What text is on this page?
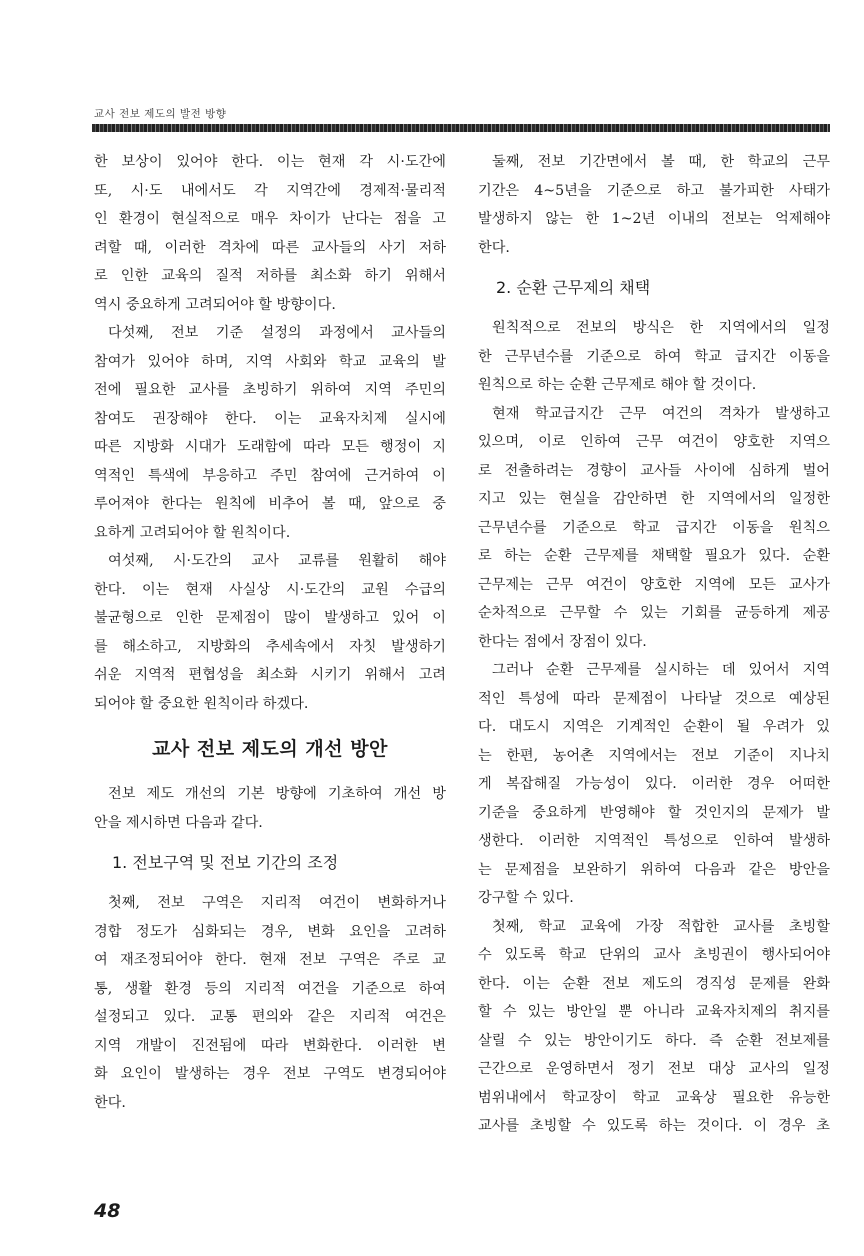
교사 전보 제도의 발전 방향
한 보상이 있어야 한다. 이는 현재 각 시·도간에
또, 시·도 내에서도 각 지역간에 경제적·물리적
인 환경이 현실적으로 매우 차이가 난다는 점을 고
려할 때, 이러한 격차에 따른 교사들의 사기 저하
로 인한 교육의 질적 저하를 최소화 하기 위해서
역시 중요하게 고려되어야 할 방향이다.
다섯째, 전보 기준 설정의 과정에서 교사들의
참여가 있어야 하며, 지역 사회와 학교 교육의 발
전에 필요한 교사를 초빙하기 위하여 지역 주민의
참여도 권장해야 한다. 이는 교육자치제 실시에
따른 지방화 시대가 도래함에 따라 모든 행정이 지
역적인 특색에 부응하고 주민 참여에 근거하여 이
루어져야 한다는 원칙에 비추어 볼 때, 앞으로 중
요하게 고려되어야 할 원칙이다.
여섯째, 시·도간의 교사 교류를 원활히 해야
한다. 이는 현재 사실상 시·도간의 교원 수급의
불균형으로 인한 문제점이 많이 발생하고 있어 이
를 해소하고, 지방화의 추세속에서 자칫 발생하기
쉬운 지역적 편협성을 최소화 시키기 위해서 고려
되어야 할 중요한 원칙이라 하겠다.
교사 전보 제도의 개선 방안
전보 제도 개선의 기본 방향에 기초하여 개선 방
안을 제시하면 다음과 같다.
1. 전보구역 및 전보 기간의 조정
첫째, 전보 구역은 지리적 여건이 변화하거나
경합 정도가 심화되는 경우, 변화 요인을 고려하
여 재조정되어야 한다. 현재 전보 구역은 주로 교
통, 생활 환경 등의 지리적 여건을 기준으로 하여
설정되고 있다. 교통 편의와 같은 지리적 여건은
지역 개발이 진전됨에 따라 변화한다. 이러한 변
화 요인이 발생하는 경우 전보 구역도 변경되어야
한다.
둘째, 전보 기간면에서 볼 때, 한 학교의 근무
기간은 4~5년을 기준으로 하고 불가피한 사태가
발생하지 않는 한 1~2년 이내의 전보는 억제해야
한다.
2. 순환 근무제의 채택
원칙적으로 전보의 방식은 한 지역에서의 일정
한 근무년수를 기준으로 하여 학교 급지간 이동을
원칙으로 하는 순환 근무제로 해야 할 것이다.
현재 학교급지간 근무 여건의 격차가 발생하고
있으며, 이로 인하여 근무 여건이 양호한 지역으
로 전출하려는 경향이 교사들 사이에 심하게 벌어
지고 있는 현실을 감안하면 한 지역에서의 일정한
근무년수를 기준으로 학교 급지간 이동을 원칙으
로 하는 순환 근무제를 채택할 필요가 있다. 순환
근무제는 근무 여건이 양호한 지역에 모든 교사가
순차적으로 근무할 수 있는 기회를 균등하게 제공
한다는 점에서 장점이 있다.
그러나 순환 근무제를 실시하는 데 있어서 지역
적인 특성에 따라 문제점이 나타날 것으로 예상된
다. 대도시 지역은 기계적인 순환이 될 우려가 있
는 한편, 농어촌 지역에서는 전보 기준이 지나치
게 복잡해질 가능성이 있다. 이러한 경우 어떠한
기준을 중요하게 반영해야 할 것인지의 문제가 발
생한다. 이러한 지역적인 특성으로 인하여 발생하
는 문제점을 보완하기 위하여 다음과 같은 방안을
강구할 수 있다.
첫째, 학교 교육에 가장 적합한 교사를 초빙할
수 있도록 학교 단위의 교사 초빙권이 행사되어야
한다. 이는 순환 전보 제도의 경직성 문제를 완화
할 수 있는 방안일 뿐 아니라 교육자치제의 취지를
살릴 수 있는 방안이기도 하다. 즉 순환 전보제를
근간으로 운영하면서 정기 전보 대상 교사의 일정
범위내에서 학교장이 학교 교육상 필요한 유능한
교사를 초빙할 수 있도록 하는 것이다. 이 경우 초
48
